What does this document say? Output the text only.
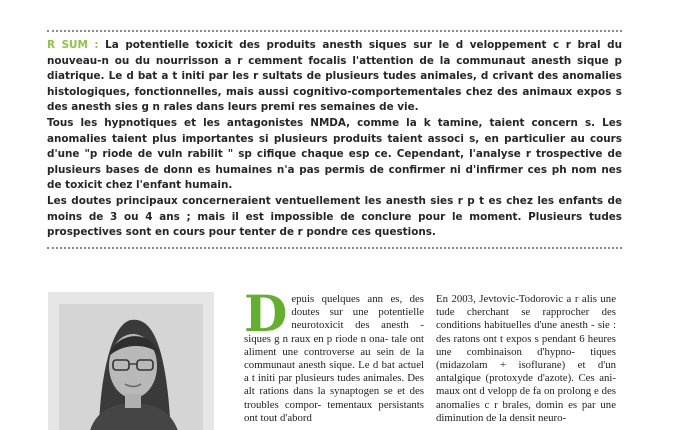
R SUM : La potentielle toxicit des produits anesth siques sur le d veloppement c r bral du nouveau-n ou du nourrisson a r cemment focalis l'attention de la communaut anesth sique p diatrique. Le d bat a t initi par les r sultats de plusieurs tudes animales, d crivant des anomalies histologiques, fonctionnelles, mais aussi cognitivo-comportementales chez des animaux expos s des anesth sies g n rales dans leurs premi res semaines de vie.

Tous les hypnotiques et les antagonistes NMDA, comme la k tamine, taient concern s. Les anomalies taient plus importantes si plusieurs produits taient associ s, en particulier au cours d'une "p riode de vuln rabilit " sp cifique chaque esp ce. Cependant, l'analyse r trospective de plusieurs bases de donn es humaines n'a pas permis de confirmer ni d'infirmer ces ph nom nes de toxicit chez l'enfant humain.

Les doutes principaux concerneraient ventuellement les anesth sies r p t es chez les enfants de moins de 3 ou 4 ans ; mais il est impossible de conclure pour le moment. Plusieurs tudes prospectives sont en cours pour tenter de r pondre ces questions.

D epuis quelques ann es, des doutes sur une potentielle neurotoxicit des anesth - siques g n raux en p riode n ona- tale ont aliment une controverse au sein de la communaut anesth sique. Le d bat actuel a t initi par plusieurs tudes animales. Des alt rations dans la synaptogen se et des troubles compor- tementaux persistants ont tout d'abord

En 2003, Jevtovic-Todorovic a r alis une tude cherchant se rapprocher des conditions habituelles d'une anesth - sie : des ratons ont t expos s pendant 6 heures une combinaison d'hypno- tiques (midazolam + isoflurane) et d'un antalgique (protoxyde d'azote). Ces ani- maux ont d velopp de fa on prolong e des anomalies c r brales, domin es par une diminution de la densit neuro-
